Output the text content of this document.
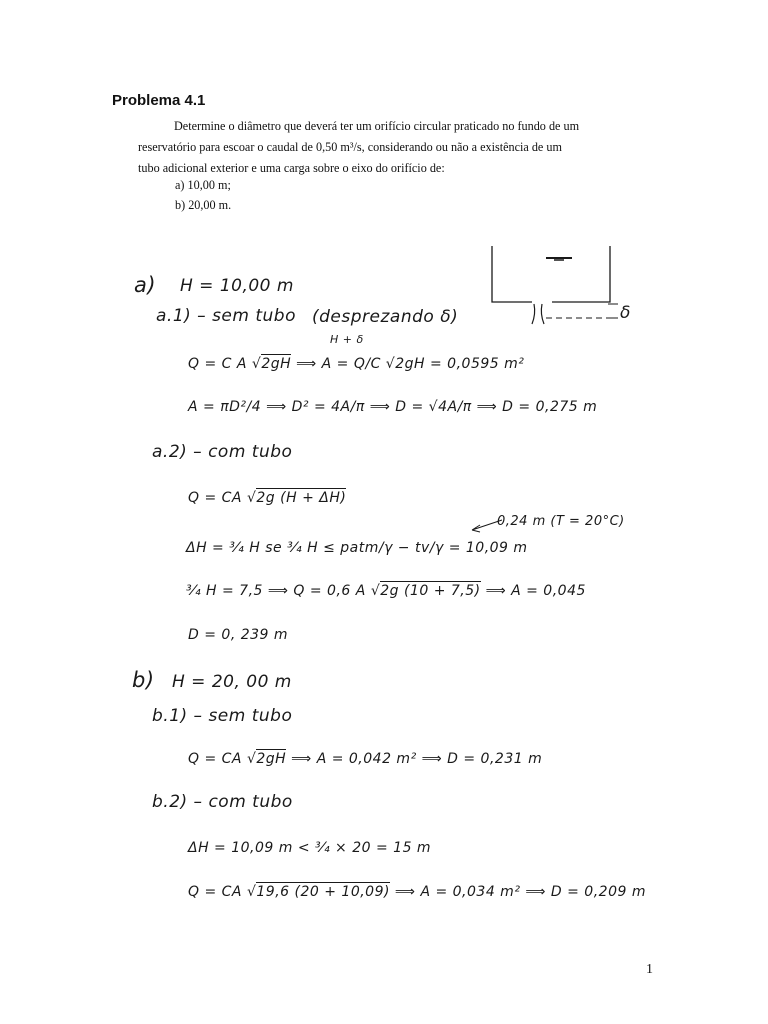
Problema 4.1
Determine o diâmetro que deverá ter um orifício circular praticado no fundo de um
reservatório para escoar o caudal de 0,50 m³/s, considerando ou não a existência de um
tubo adicional exterior e uma carga sobre o eixo do orifício de:
a) 10,00 m;
b) 20,00 m.
δ
a) H = 10,00 m
a.1) – sem tubo (desprezando δ)
H + δ
Q = C A √2gH ⟹ A = Q/C √2gH = 0,0595 m²
A = πD²/4 ⟹ D² = 4A/π ⟹ D = √4A/π ⟹ D = 0,275 m
a.2) – com tubo
Q = CA √2g (H + ΔH)
0,24 m (T = 20°C)
ΔH = ³⁄₄ H se ³⁄₄ H ≤ patm/γ − tv/γ = 10,09 m
³⁄₄ H = 7,5 ⟹ Q = 0,6 A √2g (10 + 7,5) ⟹ A = 0,045
D = 0, 239 m
b) H = 20, 00 m
b.1) – sem tubo
Q = CA √2gH ⟹ A = 0,042 m² ⟹ D = 0,231 m
b.2) – com tubo
ΔH = 10,09 m < ³⁄₄ × 20 = 15 m
Q = CA √19,6 (20 + 10,09) ⟹ A = 0,034 m² ⟹ D = 0,209 m
1
